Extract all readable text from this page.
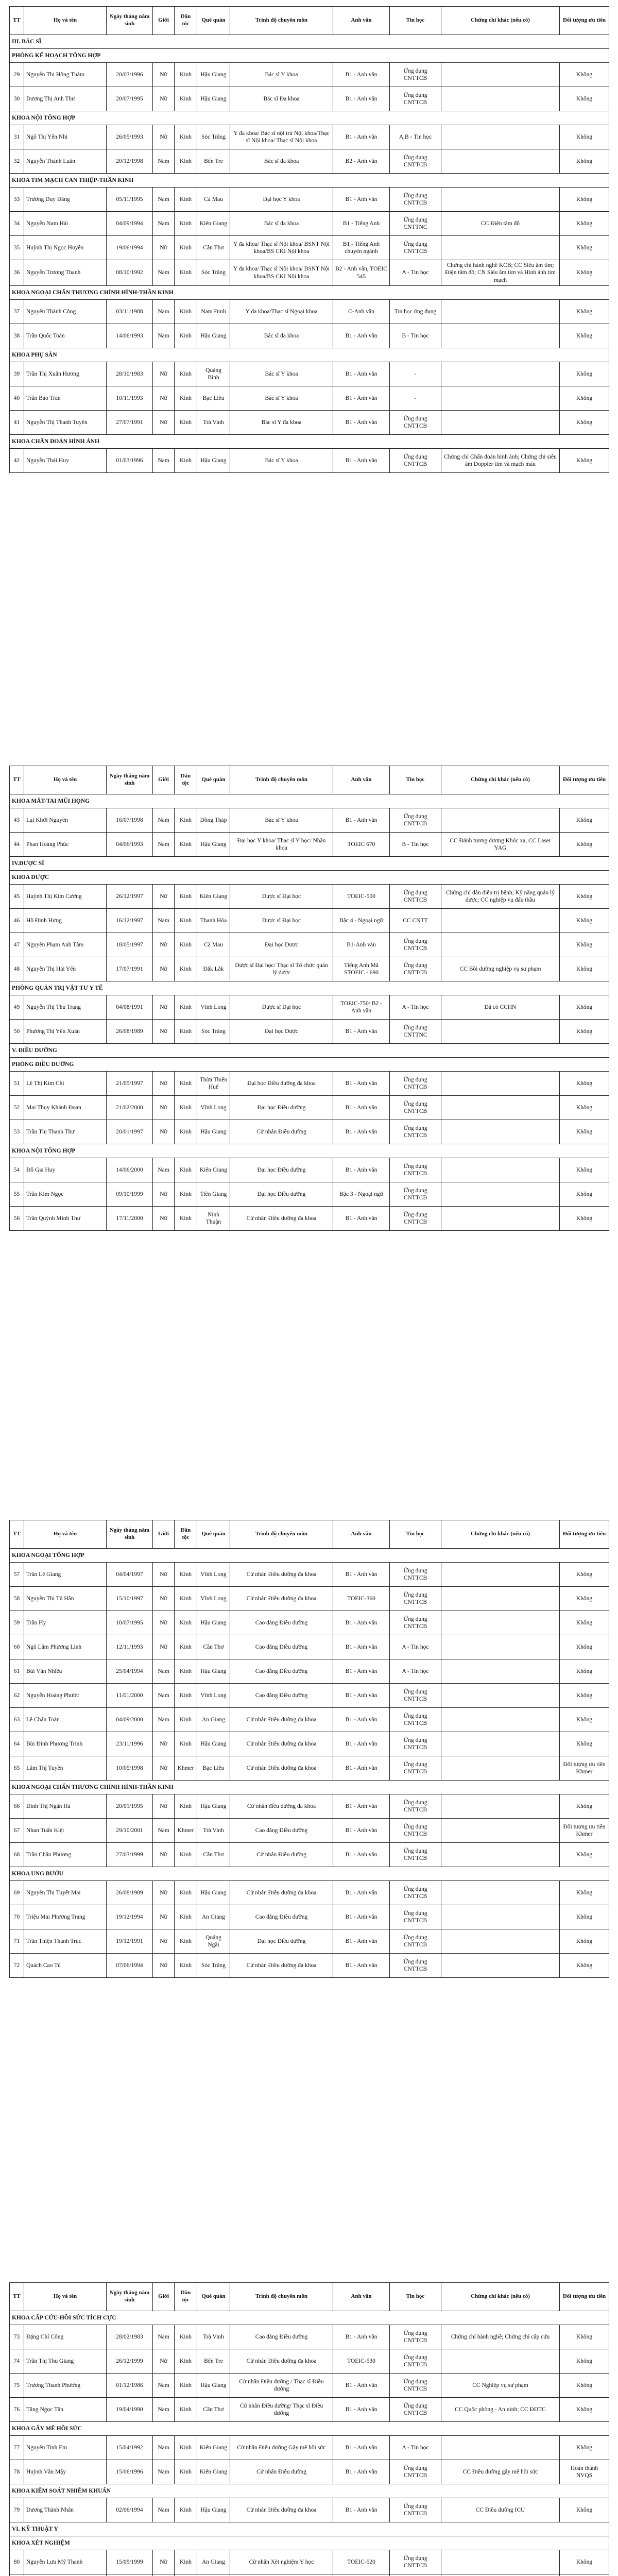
TT	Họ và tên	Ngày tháng năm sinh	Giới	Dân tộc	Quê quán	Trình độ chuyên môn	Anh văn	Tin học	Chứng chỉ khác (nếu có)	Đối tượng ưu tiên
III. BÁC SĨ										
PHÒNG KẾ HOẠCH TỔNG HỢP										
29	Nguyễn Thị Hồng Thắm	20/03/1996	Nữ	Kinh	Hậu Giang	Bác sĩ Y khoa	B1 - Anh văn	Ứng dụng CNTTCB		Không
30	Dương Thị Anh Thư	20/07/1995	Nữ	Kinh	Hậu Giang	Bác sĩ Đa khoa	B1 - Anh văn	Ứng dụng CNTTCB		Không
KHOA NỘI TỔNG HỢP										
31	Ngô Thị Yến Nhi	26/05/1993	Nữ	Kinh	Sóc Trăng	Y đa khoa/ Bác sĩ nội trú Nội khoa/Thạc sĩ Nội khoa/ Thạc sĩ Nội khoa	B1 - Anh văn	A,B - Tin học		Không
32	Nguyễn Thành Luân	20/12/1998	Nam	Kinh	Bến Tre	Bác sĩ đa khoa	B2 - Anh văn	Ứng dụng CNTTCB		Không
KHOA TIM MẠCH CAN THIỆP-THẦN KINH										
33	Trương Duy Đăng	05/11/1995	Nam	Kinh	Cà Mau	Đại học Y khoa	B1 - Anh văn	Ứng dụng CNTTCB		Không
34	Nguyễn Nam Hải	04/09/1994	Nam	Kinh	Kiên Giang	Bác sĩ đa khoa	B1 - Tiếng Anh	Ứng dụng CNTTNC	CC Điện tâm đồ	Không
35	Huỳnh Thị Ngọc Huyền	19/06/1994	Nữ	Kinh	Cần Thơ	Y đa khoa/ Thạc sĩ Nội khoa/ BSNT Nội khoa/BS CKI Nội khoa	B1 - Tiếng Anh chuyên ngành	Ứng dụng CNTTCB		Không
36	Nguyễn Trương Thanh	08/10/1992	Nam	Kinh	Sóc Trăng	Y đa khoa/ Thạc sĩ Nội khoa/ BSNT Nội khoa/BS CKI Nội khoa	B2 - Anh văn, TOEIC 545	A - Tin học	Chứng chỉ hành nghề KCB; CC Siêu âm tim; Điện tâm đồ; CN Siêu âm tim và Hình ảnh tim mạch	Không
KHOA NGOẠI CHẤN THƯƠNG CHỈNH HÌNH-THẦN KINH										
37	Nguyễn Thành Công	03/11/1988	Nam	Kinh	Nam Định	Y đa khoa/Thạc sĩ Ngoại khoa	C-Anh văn	Tin học ứng dụng		Không
38	Trần Quốc Toàn	14/06/1993	Nam	Kinh	Hậu Giang	Bác sĩ đa khoa	B1 - Anh văn	B - Tin học		Không
KHOA PHỤ SẢN										
39	Trần Thị Xuân Hương	28/10/1983	Nữ	Kinh	Quảng Bình	Bác sĩ Y khoa	B1 - Anh văn	-		Không
40	Trần Bảo Trân	10/11/1993	Nữ	Kinh	Bạc Liêu	Bác sĩ Y khoa	B1 - Anh văn	-		Không
41	Nguyễn Thị Thanh Tuyền	27/07/1991	Nữ	Kinh	Trà Vinh	Bác sĩ Y đa khoa	B1 - Anh văn	Ứng dụng CNTTCB		Không
KHOA CHẨN ĐOÁN HÌNH ẢNH										
42	Nguyễn Thái Huy	01/03/1996	Nam	Kinh	Hậu Giang	Bác sĩ Y khoa	B1 - Anh văn	Ứng dụng CNTTCB	Chứng chỉ Chẩn đoán hình ảnh; Chứng chỉ siêu âm Doppler tim và mạch máu	Không
TT	Họ và tên	Ngày tháng năm sinh	Giới	Dân tộc	Quê quán	Trình độ chuyên môn	Anh văn	Tin học	Chứng chỉ khác (nếu có)	Đối tượng ưu tiên
KHOA MẮT-TAI MŨI HỌNG										
43	Lại Khởi Nguyên	16/07/1998	Nam	Kinh	Đồng Tháp	Bác sĩ Y khoa	B1 - Anh văn	Ứng dụng CNTTCB		Không
44	Phan Hoàng Phúc	04/06/1993	Nam	Kinh	Hậu Giang	Đại học Y khoa/ Thạc sĩ Y học/ Nhãn khoa	TOEIC 670	B - Tin học	CC Đánh tương đương Khúc xạ, CC Laser YAG	Không
IV.DƯỢC SĨ										
KHOA DƯỢC										
45	Huỳnh Thị Kim Cương	26/12/1997	Nữ	Kinh	Kiên Giang	Dược sĩ Đại học	TOEIC-500	Ứng dụng CNTTCB	Chứng chỉ dẫn điều trị bệnh; Kỹ năng quản lý dược; CC nghiệp vụ đấu thầu	Không
46	Hồ Đình Hưng	16/12/1997	Nam	Kinh	Thanh Hóa	Dược sĩ Đại học	Bậc 4 - Ngoại ngữ	CC CNTT		Không
47	Nguyễn Phạm Anh Tâm	18/05/1997	Nữ	Kinh	Cà Mau	Đại học Dược	B1-Anh văn	Ứng dụng CNTTCB		Không
48	Nguyễn Thị Hải Yến	17/07/1991	Nữ	Kinh	Đắk Lắk	Dược sĩ Đại học/ Thạc sĩ Tổ chức quản lý dược	Tiếng Anh Mã STOEIC - 690	Ứng dụng CNTTCB	CC Bồi dưỡng nghiệp vụ sư phạm	Không
PHÒNG QUẢN TRỊ VẬT TƯ Y TẾ										
49	Nguyễn Thị Thu Trang	04/08/1991	Nữ	Kinh	Vĩnh Long	Dược sĩ Đại học	TOEIC-750/ B2 - Anh văn	A - Tin học	Đã có CCHN	Không
50	Phương Thị Yến Xuân	26/08/1989	Nữ	Kinh	Sóc Trăng	Đại học Dược	B1 - Anh văn	Ứng dụng CNTTNC		Không
V. ĐIỀU DƯỠNG										
PHÒNG ĐIỀU DƯỠNG										
51	Lê Thị Kim Chi	21/05/1997	Nữ	Kinh	Thừa Thiên Huế	Đại học Điều dưỡng đa khoa	B1 - Anh văn	Ứng dụng CNTTCB		Không
52	Mai Thụy Khánh Đoan	21/02/2000	Nữ	Kinh	Vĩnh Long	Đại học Điều dưỡng	B1 - Anh văn	Ứng dụng CNTTCB		Không
53	Trần Thị Thanh Thư	20/01/1997	Nữ	Kinh	Hậu Giang	Cử nhân Điều dưỡng	B1 - Anh văn	Ứng dụng CNTTCB		Không
KHOA NỘI TỔNG HỢP										
54	Đỗ Gia Huy	14/06/2000	Nam	Kinh	Kiên Giang	Đại học Điều dưỡng	B1 - Anh văn	Ứng dụng CNTTCB		Không
55	Trần Kim Ngọc	09/10/1999	Nữ	Kinh	Tiền Giang	Đại học Điều dưỡng	Bậc 3 - Ngoại ngữ	Ứng dụng CNTTCB		Không
56	Trần Quỳnh Minh Thư	17/11/2000	Nữ	Kinh	Ninh Thuận	Cử nhân Điều dưỡng đa khoa	B1 - Anh văn	Ứng dụng CNTTCB		Không
TT	Họ và tên	Ngày tháng năm sinh	Giới	Dân tộc	Quê quán	Trình độ chuyên môn	Anh văn	Tin học	Chứng chỉ khác (nếu có)	Đối tượng ưu tiên
KHOA NGOẠI TỔNG HỢP										
57	Trần Lê Giang	04/04/1997	Nữ	Kinh	Vĩnh Long	Cử nhân Điều dưỡng đa khoa	B1 - Anh văn	Ứng dụng CNTTCB		Không
58	Nguyễn Thị Tú Hân	15/10/1997	Nữ	Kinh	Vĩnh Long	Cử nhân Điều dưỡng đa khoa	TOEIC-360	Ứng dụng CNTTCB		Không
59	Trần Hy	10/07/1995	Nữ	Kinh	Hậu Giang	Cao đẳng Điều dưỡng	B1 - Anh văn	Ứng dụng CNTTCB		Không
60	Ngô Lâm Phương Linh	12/11/1993	Nữ	Kinh	Cần Thơ	Cao đẳng Điều dưỡng	B1 - Anh văn	A - Tin học		Không
61	Bùi Văn Nhiều	25/04/1994	Nam	Kinh	Hậu Giang	Cao đẳng Điều dưỡng	B1 - Anh văn	A - Tin học		Không
62	Nguyễn Hoàng Phước	11/01/2000	Nam	Kinh	Vĩnh Long	Cao đẳng Điều dưỡng	B1 - Anh văn	Ứng dụng CNTTCB		Không
63	Lê Chấn Toàn	04/09/2000	Nam	Kinh	An Giang	Cử nhân Điều dưỡng đa khoa	B1 - Anh văn	Ứng dụng CNTTCB		Không
64	Bùi Đình Phương Trinh	23/11/1996	Nữ	Kinh	Hậu Giang	Cử nhân Điều dưỡng đa khoa	B1 - Anh văn	Ứng dụng CNTTCB		Không
65	Lâm Thị Tuyền	10/05/1998	Nữ	Khmer	Bạc Liêu	Cử nhân Điều dưỡng đa khoa	B1 - Anh văn	Ứng dụng CNTTCB		Đối tượng ưu tiên Khmer
KHOA NGOẠI CHẤN THƯƠNG CHỈNH HÌNH-THẦN KINH										
66	Đinh Thị Ngân Hà	20/01/1995	Nữ	Kinh	Hậu Giang	Cử nhân điều dưỡng đa khoa	B1 - Anh văn	Ứng dụng CNTTCB		Không
67	Nhan Tuấn Kiệt	29/10/2001	Nam	Khmer	Trà Vinh	Cao đẳng Điều dưỡng	B1 - Anh văn	Ứng dụng CNTTCB		Đối tượng ưu tiên Khmer
68	Trần Châu Phương	27/03/1999	Nữ	Kinh	Cần Thơ	Cử nhân Điều dưỡng	B1 - Anh văn	Ứng dụng CNTTCB		Không
KHOA UNG BƯỚU										
69	Nguyễn Thị Tuyết Mai	26/08/1989	Nữ	Kinh	Hậu Giang	Cử nhân Điều dưỡng đa khoa	B1 - Anh văn	Ứng dụng CNTTCB		Không
70	Triệu Mai Phương Trang	19/12/1994	Nữ	Kinh	An Giang	Cao đẳng Điều dưỡng	B1 - Anh văn	Ứng dụng CNTTCB		Không
71	Trần Thiện Thanh Trúc	19/12/1991	Nữ	Kinh	Quảng Ngãi	Đại học Điều dưỡng	B1 - Anh văn	Ứng dụng CNTTCB		Không
72	Quách Cao Tú	07/06/1994	Nữ	Kinh	Sóc Trăng	Cử nhân Điều dưỡng đa khoa	B1 - Anh văn	Ứng dụng CNTTCB		Không
TT	Họ và tên	Ngày tháng năm sinh	Giới	Dân tộc	Quê quán	Trình độ chuyên môn	Anh văn	Tin học	Chứng chỉ khác (nếu có)	Đối tượng ưu tiên
KHOA CẤP CỨU-HỒI SỨC TÍCH CỰC										
73	Đặng Chí Công	28/02/1983	Nam	Kinh	Trà Vinh	Cao đẳng Điều dưỡng	B1 - Anh văn	Ứng dụng CNTTCB	Chứng chỉ hành nghề; Chứng chỉ cấp cứu	Không
74	Trần Thị Thu Giang	26/12/1999	Nữ	Kinh	Bến Tre	Cử nhân Điều dưỡng đa khoa	TOEIC-530	Ứng dụng CNTTCB		Không
75	Trương Thanh Phương	01/12/1986	Nam	Kinh	Hậu Giang	Cử nhân Điều dưỡng / Thạc sĩ Điều dưỡng	B1 - Anh văn	Ứng dụng CNTTCB	CC Nghiệp vụ sư phạm	Không
76	Tăng Ngọc Tân	19/04/1990	Nam	Kinh	Cần Thơ	Cử nhân Điều dưỡng/ Thạc sĩ Điều dưỡng	B1 - Anh văn	Ứng dụng CNTTCB	CC Quốc phòng - An ninh; CC ĐDTC	Không
KHOA GÂY MÊ HỒI SỨC										
77	Nguyễn Tinh Em	15/04/1992	Nam	Kinh	Kiên Giang	Cử nhân Điều dưỡng Gây mê hồi sức	B1 - Anh văn	A - Tin học		Không
78	Huỳnh Văn Mậy	15/06/1996	Nam	Kinh	Kiên Giang	Cử nhân Điều dưỡng	B1 - Anh văn	Ứng dụng CNTTCB	CC Điều dưỡng gây mê hồi sức	Hoàn thành NVQS
KHOA KIỂM SOÁT NHIỄM KHUẨN										
79	Dương Thành Nhân	02/06/1994	Nam	Kinh	Hậu Giang	Cử nhân Điều dưỡng đa khoa	B1 - Anh văn	Ứng dụng CNTTCB	CC Điều dưỡng ICU	Không
VI. KỸ THUẬT Y										
KHOA XÉT NGHIỆM										
80	Nguyễn Lưu Mỹ Thanh	15/09/1999	Nữ	Kinh	An Giang	Cử nhân Xét nghiệm Y học	TOEIC-520	Ứng dụng CNTTCB		Không
